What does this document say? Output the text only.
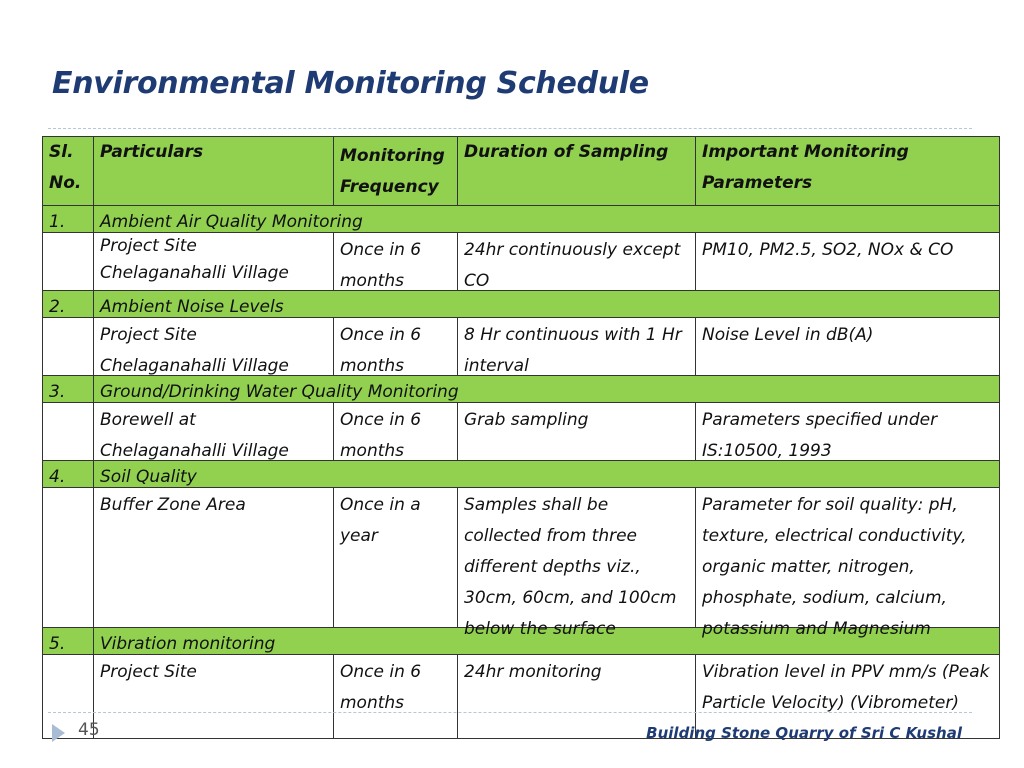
Environmental Monitoring Schedule
Sl. No.	Particulars	Monitoring Frequency	Duration of Sampling	Important Monitoring Parameters
1.	Ambient Air Quality Monitoring			

	Project Site Chelaganahalli Village	Once in 6 months	24hr continuously except CO	PM10, PM2.5, SO2, NOx & CO

2.	Ambient Noise Levels			

	Project Site Chelaganahalli Village	Once in 6 months	8 Hr continuous with 1 Hr interval	Noise Level in dB(A)

3.	Ground/Drinking Water Quality Monitoring			

	Borewell at Chelaganahalli Village	Once in 6 months	Grab sampling	Parameters specified under IS:10500, 1993

4.	Soil Quality			

	Buffer Zone Area	Once in a year	Samples shall be collected from three different depths viz., 30cm, 60cm, and 100cm below the surface	Parameter for soil quality: pH, texture, electrical conductivity, organic matter, nitrogen, phosphate, sodium, calcium, potassium and Magnesium

5.	Vibration monitoring			

	Project Site	Once in 6 months	24hr monitoring	Vibration level in PPV mm/s (Peak Particle Velocity) (Vibrometer)
45	Building Stone Quarry of Sri C Kushal
